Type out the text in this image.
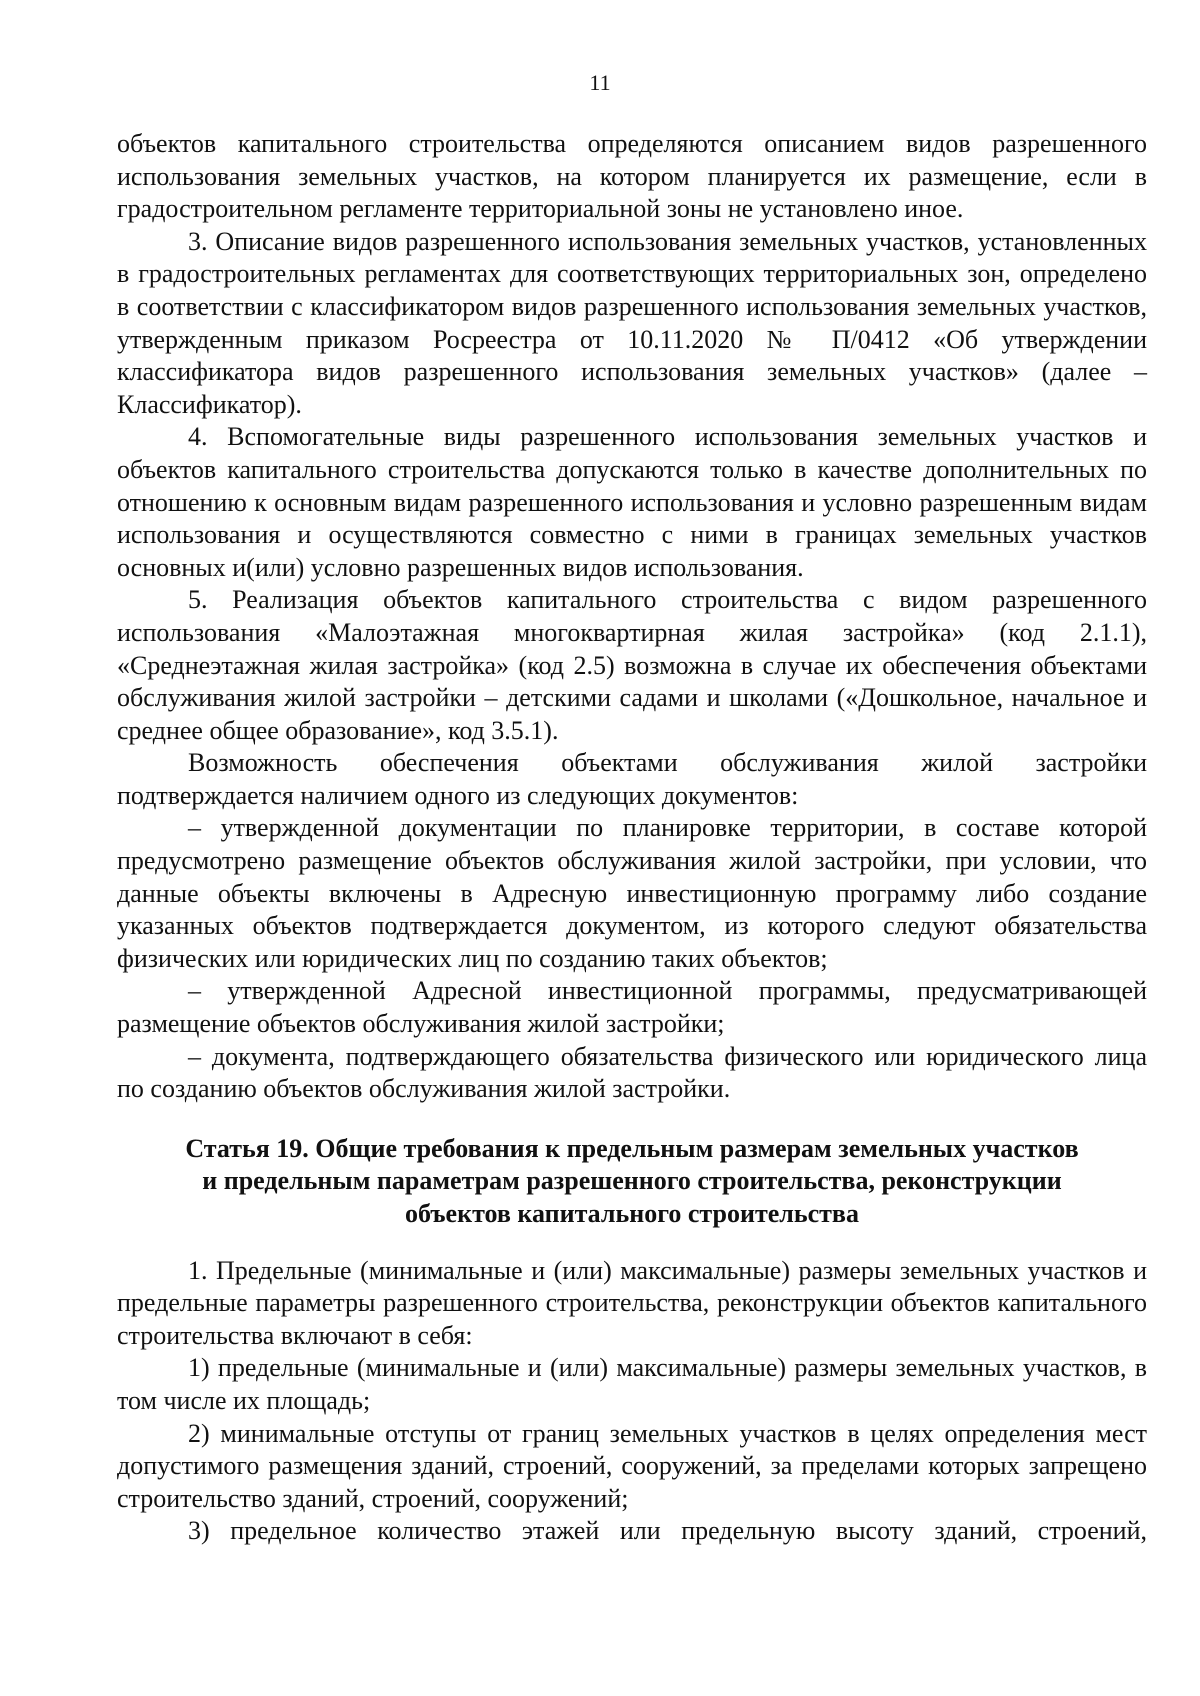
11

объектов капитального строительства определяются описанием видов разрешенного использования земельных участков, на котором планируется их размещение, если в градостроительном регламенте территориальной зоны не установлено иное.

3. Описание видов разрешенного использования земельных участков, установленных в градостроительных регламентах для соответствующих территориальных зон, определено в соответствии с классификатором видов разрешенного использования земельных участков, утвержденным приказом Росреестра от 10.11.2020 № П/0412 «Об утверждении классификатора видов разрешенного использования земельных участков» (далее – Классификатор).

4. Вспомогательные виды разрешенного использования земельных участков и объектов капитального строительства допускаются только в качестве дополнительных по отношению к основным видам разрешенного использования и условно разрешенным видам использования и осуществляются совместно с ними в границах земельных участков основных и(или) условно разрешенных видов использования.

5. Реализация объектов капитального строительства с видом разрешенного использования «Малоэтажная многоквартирная жилая застройка» (код 2.1.1), «Среднеэтажная жилая застройка» (код 2.5) возможна в случае их обеспечения объектами обслуживания жилой застройки – детскими садами и школами («Дошкольное, начальное и среднее общее образование», код 3.5.1).

Возможность обеспечения объектами обслуживания жилой застройки подтверждается наличием одного из следующих документов:

– утвержденной документации по планировке территории, в составе которой предусмотрено размещение объектов обслуживания жилой застройки, при условии, что данные объекты включены в Адресную инвестиционную программу либо создание указанных объектов подтверждается документом, из которого следуют обязательства физических или юридических лиц по созданию таких объектов;

– утвержденной Адресной инвестиционной программы, предусматривающей размещение объектов обслуживания жилой застройки;

– документа, подтверждающего обязательства физического или юридического лица по созданию объектов обслуживания жилой застройки.

Статья 19. Общие требования к предельным размерам земельных участков
и предельным параметрам разрешенного строительства, реконструкции
объектов капитального строительства

1. Предельные (минимальные и (или) максимальные) размеры земельных участков и предельные параметры разрешенного строительства, реконструкции объектов капитального строительства включают в себя:

1) предельные (минимальные и (или) максимальные) размеры земельных участков, в том числе их площадь;

2) минимальные отступы от границ земельных участков в целях определения мест допустимого размещения зданий, строений, сооружений, за пределами которых запрещено строительство зданий, строений, сооружений;

3) предельное количество этажей или предельную высоту зданий, строений,
